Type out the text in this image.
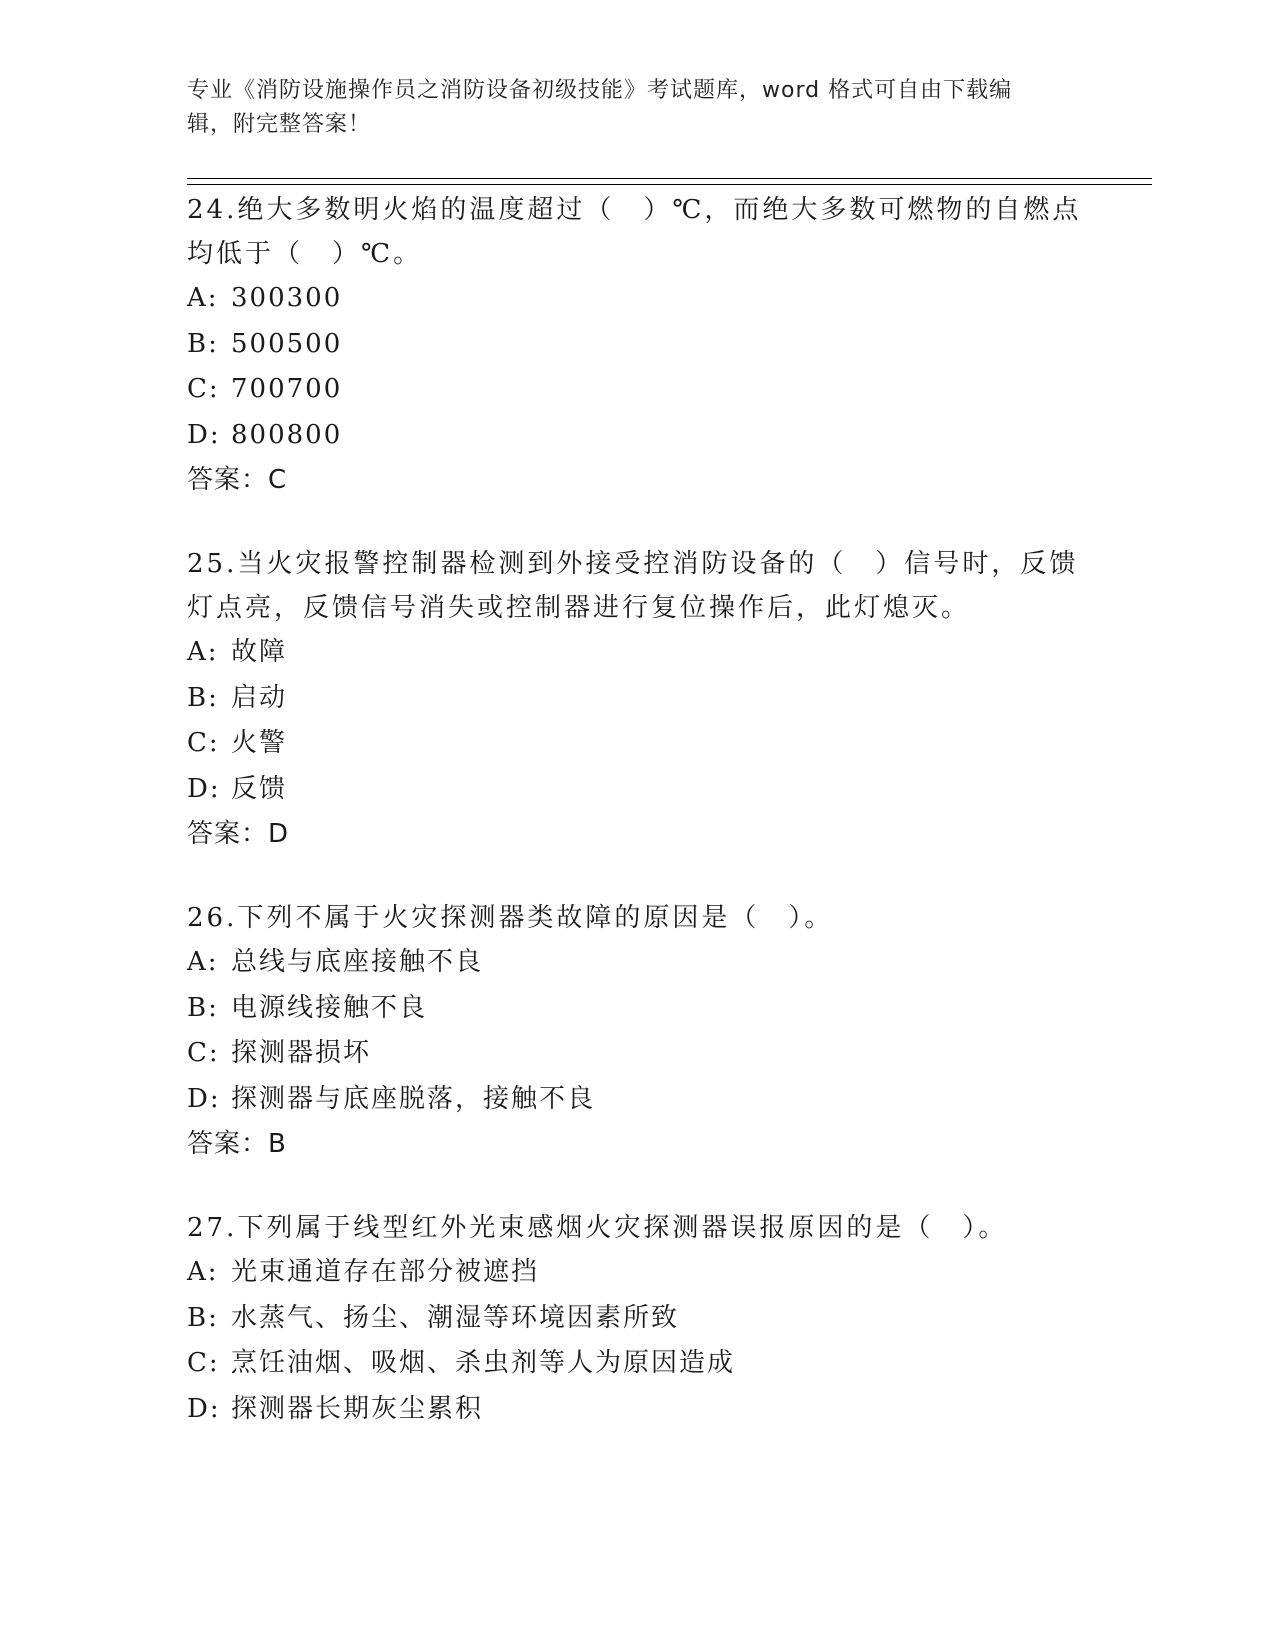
专业《消防设施操作员之消防设备初级技能》考试题库，word 格式可自由下载编
辑，附完整答案！

24.绝大多数明火焰的温度超过（　）℃，而绝大多数可燃物的自燃点均低于（　）℃。

A: 300300
B: 500500
C: 700700
D: 800800
答案：C

25.当火灾报警控制器检测到外接受控消防设备的（　）信号时，反馈灯点亮，反馈信号消失或控制器进行复位操作后，此灯熄灭。

A: 故障
B: 启动
C: 火警
D: 反馈
答案：D

26.下列不属于火灾探测器类故障的原因是（　）。

A: 总线与底座接触不良
B: 电源线接触不良
C: 探测器损坏
D: 探测器与底座脱落，接触不良
答案：B

27.下列属于线型红外光束感烟火灾探测器误报原因的是（　）。

A: 光束通道存在部分被遮挡
B: 水蒸气、扬尘、潮湿等环境因素所致
C: 烹饪油烟、吸烟、杀虫剂等人为原因造成
D: 探测器长期灰尘累积
